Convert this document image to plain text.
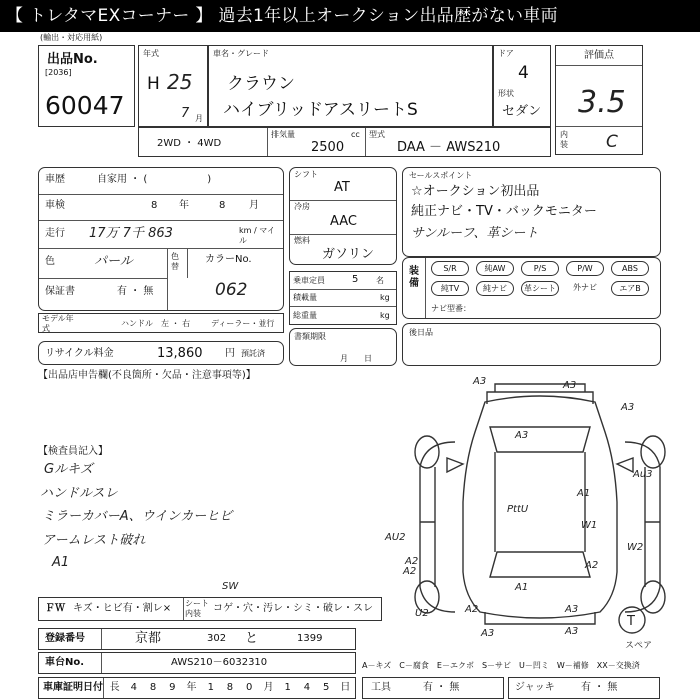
【 トレタマEXコーナー 】 過去1年以上オークション出品歴がない車両
(輸出・対応用紙)
出品No.
[2036]
60047
年式
H 25
7 月
車名・グレード
クラウン
ハイブリッドアスリートS
ドア
4
形状
セダン
評価点
3.5
内装 C
2WD ・ 4WD
排気量
2500
cc 型式
DAA － AWS210
車歴	自家用 ・ (　　　　　　)
車検	8 年	8 月
走行 17万 7千 863	km / マイル
色	パール	色替
カラーNo.
保証書	有 ・ 無	062
モデル年式
ハンドル 左 ・ 右	ディーラー・並行
リサイクル料金	13,860 円 預託済
シフト
AT
冷房
AAC
燃料
ガソリン
乗車定員	5 名
積載量	kg
総重量	kg
書類期限
月　　日
セールスポイント
☆オークション初出品
純正ナビ・TV・バックモニター
サンルーフ、革シート
装備
S/R	純AW	P/S	P/W	ABS
純TV	純ナビ	革シート	外ナビ	エアB
ナビ型番：
後日品
【出品店申告欄(不良箇所・欠品・注意事項等)】
【検査員記入】
Gルキズ
ハンドルスレ
ミラーカバーA、ウインカーヒビ
アームレスト破れ
A1
A3	A3
A3
A3
Au3
A1
PttU
W1
W2
AU2
A2
A2
A2
A1
U2	A2
A3
A3
A3
T
スペア
ＦＷ キズ・ヒビ有・割レ× シート内装	コゲ・穴・汚レ・シミ・破レ・スレ
SW
登録番号	京都	302 と	1399
車台No.	AWS210－6032310
車庫証明日付 長	4	8	9	年	1	8	0	月	1	4	5	日
A－キズ　C－腐食　E－エクボ　S－サビ　U－凹ミ　W－補修　XX－交換済
工具	有 ・ 無	ジャッキ	有 ・ 無
